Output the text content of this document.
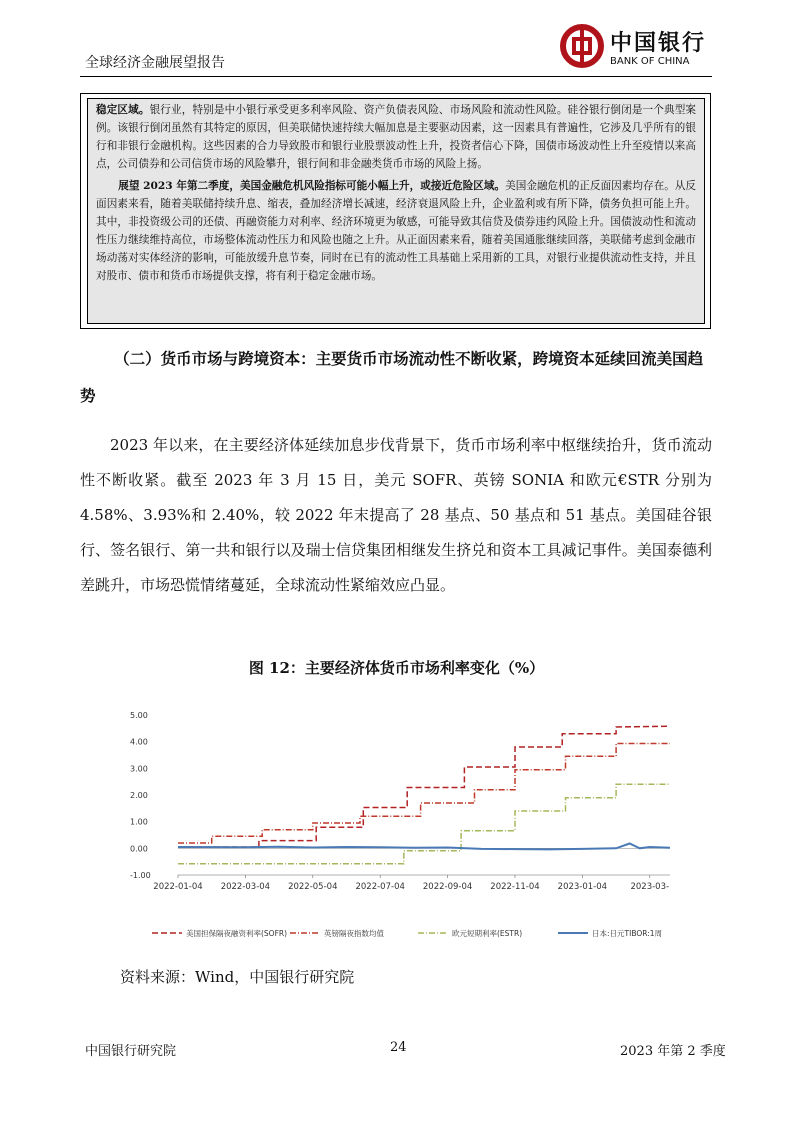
全球经济金融展望报告
中国银行
BANK OF CHINA

稳定区域。银行业，特别是中小银行承受更多利率风险、资产负债表风险、市场风险和流动性风险。硅谷银行倒闭是一个典型案例。该银行倒闭虽然有其特定的原因，但美联储快速持续大幅加息是主要驱动因素，这一因素具有普遍性，它涉及几乎所有的银行和非银行金融机构。这些因素的合力导致股市和银行业股票波动性上升，投资者信心下降，国债市场波动性上升至疫情以来高点，公司债券和公司信货市场的风险攀升，银行间和非金融类货币市场的风险上扬。

展望 2023 年第二季度，美国金融危机风险指标可能小幅上升，或接近危险区域。美国金融危机的正反面因素均存在。从反面因素来看，随着美联储持续升息、缩表，叠加经济增长减速，经济衰退风险上升，企业盈利或有所下降，债务负担可能上升。其中，非投资级公司的还债、再融资能力对利率、经济环境更为敏感，可能导致其信贷及债券违约风险上升。国债波动性和流动性压力继续维持高位，市场整体流动性压力和风险也随之上升。从正面因素来看，随着美国通胀继续回落，美联储考虑到金融市场动荡对实体经济的影响，可能放缓升息节奏，同时在已有的流动性工具基础上采用新的工具，对银行业提供流动性支持，并且对股市、债市和货币市场提供支撑，将有利于稳定金融市场。

（二）货币市场与跨境资本：主要货币市场流动性不断收紧，跨境资本延续回流美国趋势

2023 年以来，在主要经济体延续加息步伐背景下，货币市场利率中枢继续抬升，货币流动性不断收紧。截至 2023 年 3 月 15 日，美元 SOFR、英镑 SONIA 和欧元€STR 分别为 4.58%、3.93%和 2.40%，较 2022 年末提高了 28 基点、50 基点和 51 基点。美国硅谷银行、签名银行、第一共和银行以及瑞士信贷集团相继发生挤兑和资本工具减记事件。美国泰德利差跳升，市场恐慌情绪蔓延，全球流动性紧缩效应凸显。

图 12：主要经济体货币市场利率变化（%）
5.00
4.00
3.00
2.00
1.00
0.00
-1.00
2022-01-04 2022-03-04 2022-05-04 2022-07-04 2022-09-04 2022-11-04 2023-01-04	2023-03-
美国担保隔夜融资利率(SOFR)	英镑隔夜指数均值	欧元短期利率(ESTR)	日本:日元TIBOR:1周
资料来源：Wind，中国银行研究院
中国银行研究院	24	2023 年第 2 季度
